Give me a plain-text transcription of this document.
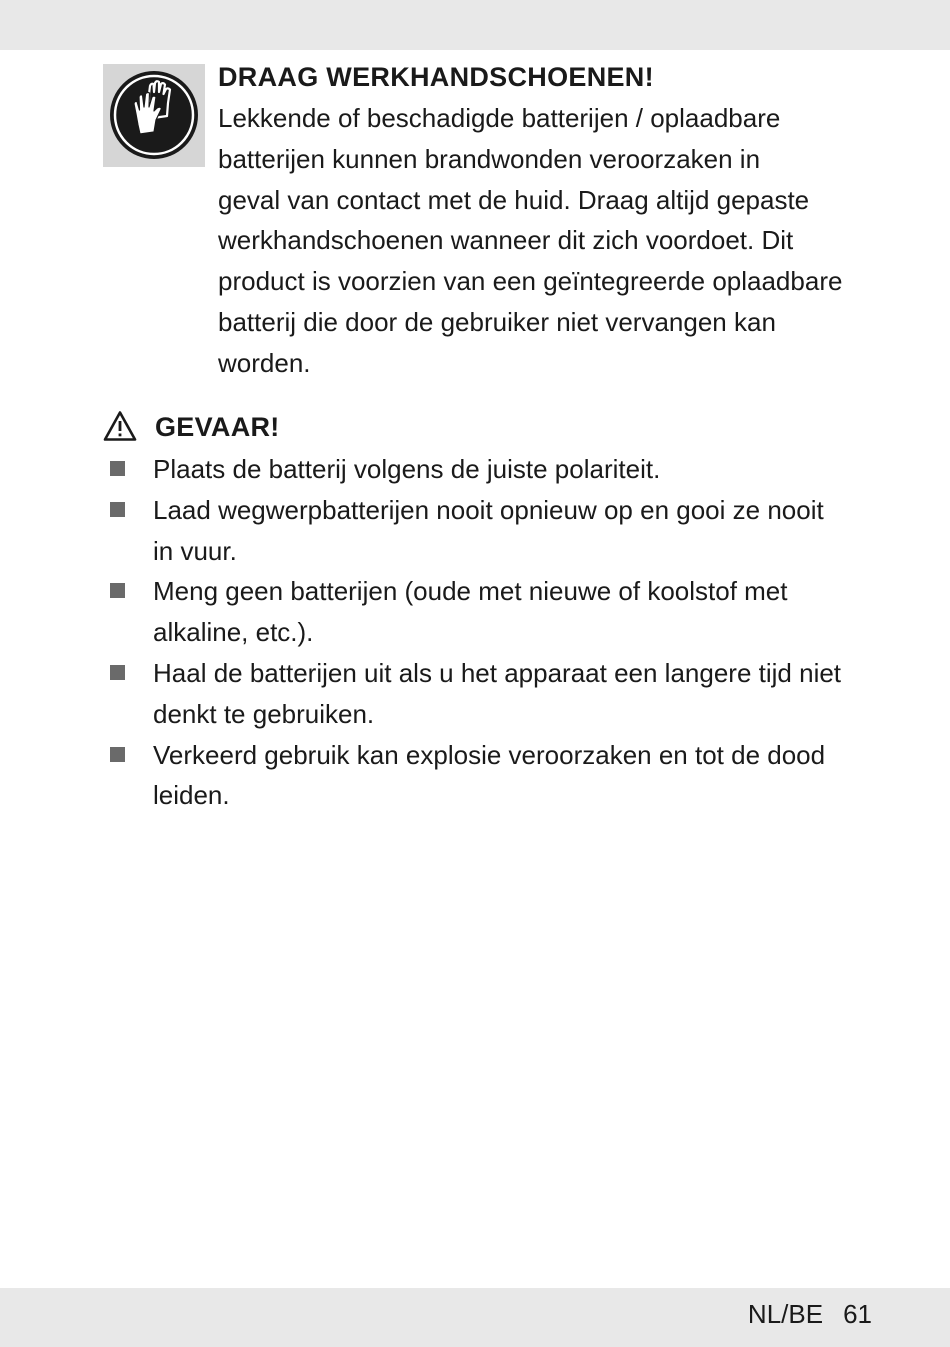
DRAAG WERKHANDSCHOENEN!
Lekkende of beschadigde batterijen / oplaadbare
batterijen kunnen brandwonden veroorzaken in
geval van contact met de huid. Draag altijd gepaste
werkhandschoenen wanneer dit zich voordoet. Dit
product is voorzien van een geïntegreerde oplaadbare
batterij die door de gebruiker niet vervangen kan
worden.
GEVAAR!
Plaats de batterij volgens de juiste polariteit.
Laad wegwerpbatterijen nooit opnieuw op en gooi ze nooit
in vuur.
Meng geen batterijen (oude met nieuwe of koolstof met
alkaline, etc.).
Haal de batterijen uit als u het apparaat een langere tijd niet
denkt te gebruiken.
Verkeerd gebruik kan explosie veroorzaken en tot de dood
leiden.
NL/BE 61
